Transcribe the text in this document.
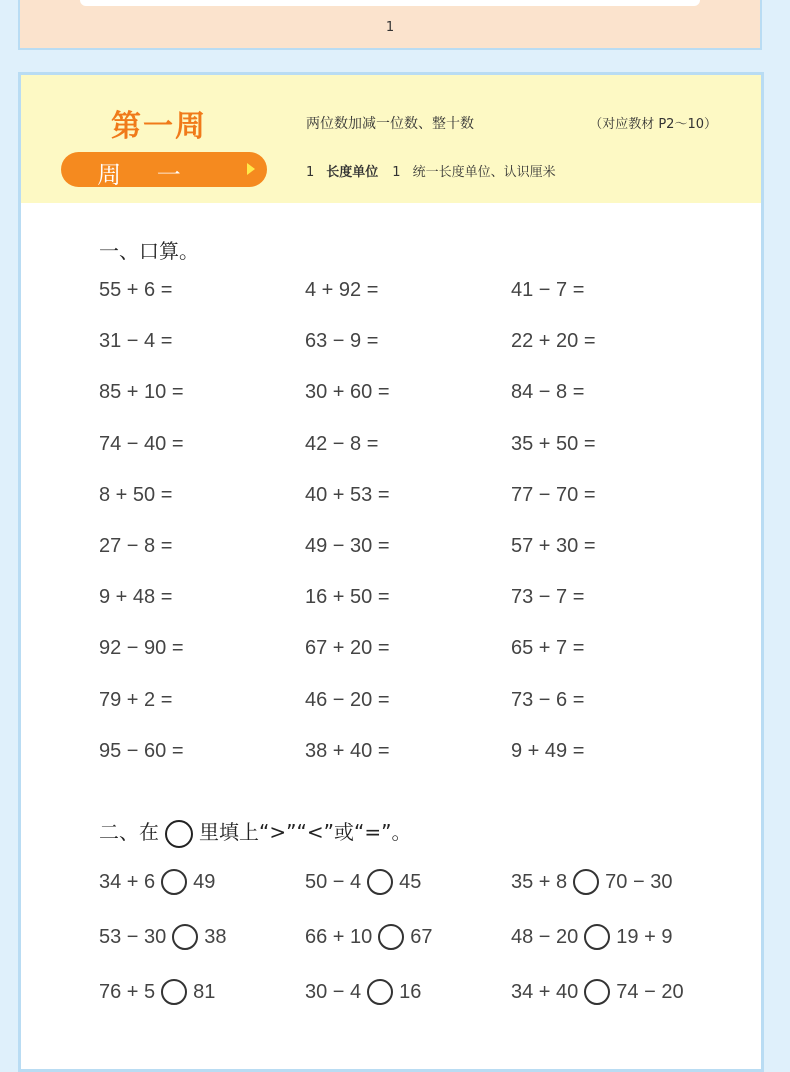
1
第一周	两位数加减一位数、整十数	（对应教材 P2～10）
周 一	1 长度单位 1 统一长度单位、认识厘米
一、口算。
55 + 6 =	4 + 92 =	41 − 7 =
31 − 4 =	63 − 9 =	22 + 20 =
85 + 10 =	30 + 60 =	84 − 8 =
74 − 40 =	42 − 8 =	35 + 50 =
8 + 50 =	40 + 53 =	77 − 70 =
27 − 8 =	49 − 30 =	57 + 30 =
9 + 48 =	16 + 50 =	73 − 7 =
92 − 90 =	67 + 20 =	65 + 7 =
79 + 2 =	46 − 20 =	73 − 6 =
95 − 60 =	38 + 40 =	9 + 49 =
二、在 里填上“>”“<”或“=”。
34 + 6 49	50 − 4 45	35 + 8 70 − 30
53 − 30 38	66 + 10 67	48 − 20 19 + 9
76 + 5 81	30 − 4 16	34 + 40 74 − 20
